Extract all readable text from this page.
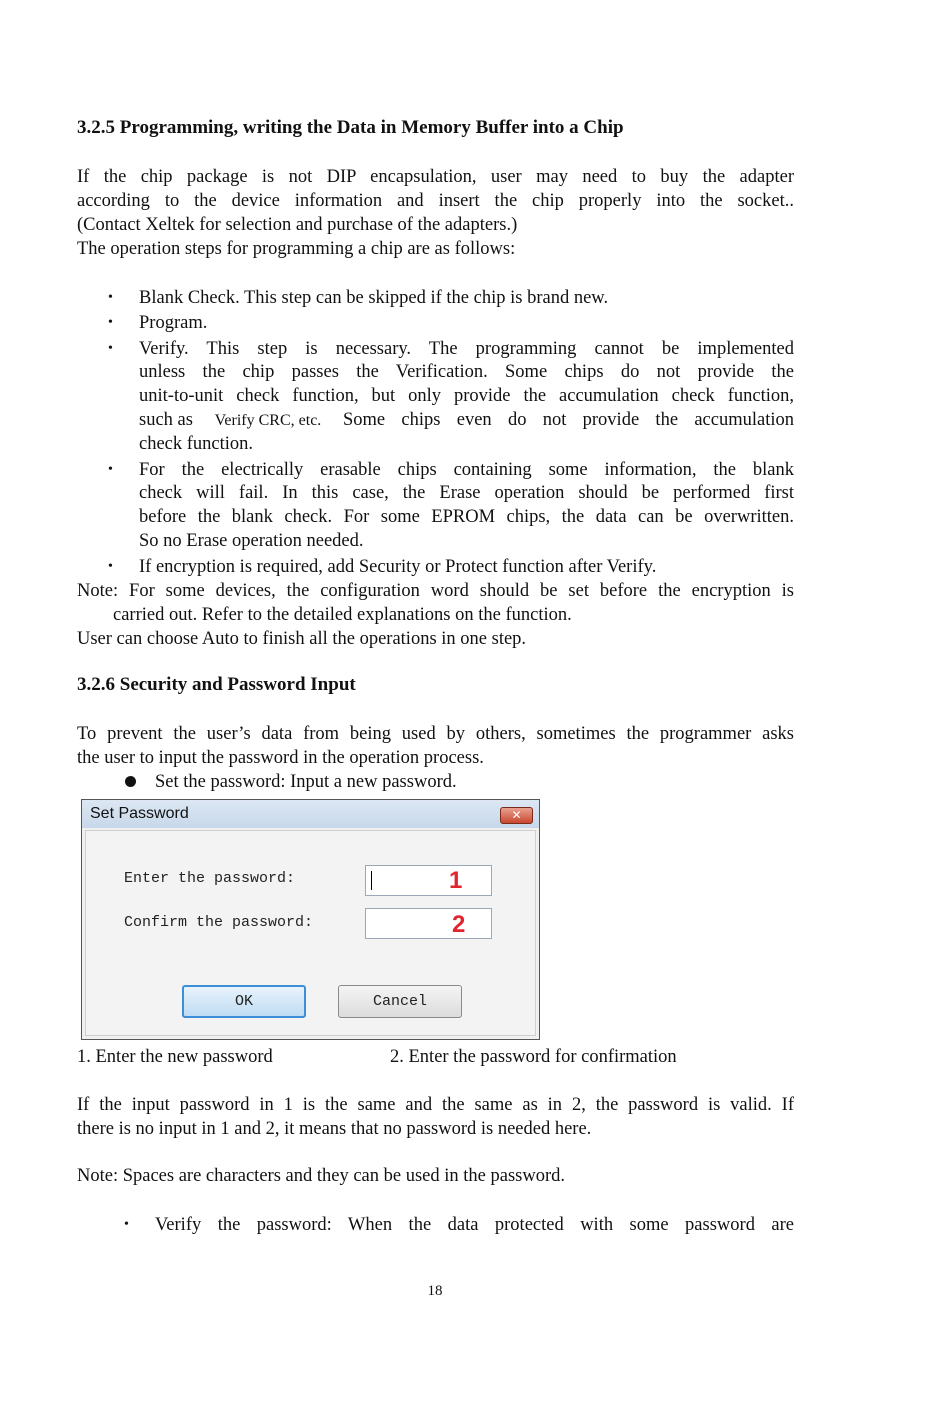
3.2.5 Programming, writing the Data in Memory Buffer into a Chip
If the chip package is not DIP encapsulation, user may need to buy the adapter
according to the device information and insert the chip properly into the socket..
(Contact Xeltek for selection and purchase of the adapters.)
The operation steps for programming a chip are as follows:
• Blank Check. This step can be skipped if the chip is brand new.
• Program.
• Verify. This step is necessary. The programming cannot be implemented
unless the chip passes the Verification. Some chips do not provide the
unit-to-unit check function, but only provide the accumulation check function,
such as Verify CRC, etc. Some chips even do not provide the accumulation
check function.
• For the electrically erasable chips containing some information, the blank
check will fail. In this case, the Erase operation should be performed first
before the blank check. For some EPROM chips, the data can be overwritten.
So no Erase operation needed.
• If encryption is required, add Security or Protect function after Verify.
Note: For some devices, the configuration word should be set before the encryption is
carried out. Refer to the detailed explanations on the function.
User can choose Auto to finish all the operations in one step.
3.2.6 Security and Password Input
To prevent the user’s data from being used by others, sometimes the programmer asks
the user to input the password in the operation process.
Set the password: Input a new password.
Set Password	✕
Enter the password:	1
Confirm the password:	2
OK	Cancel
1. Enter the new password	2. Enter the password for confirmation
If the input password in 1 is the same and the same as in 2, the password is valid. If
there is no input in 1 and 2, it means that no password is needed here.
Note: Spaces are characters and they can be used in the password.
• Verify the password: When the data protected with some password are
18
